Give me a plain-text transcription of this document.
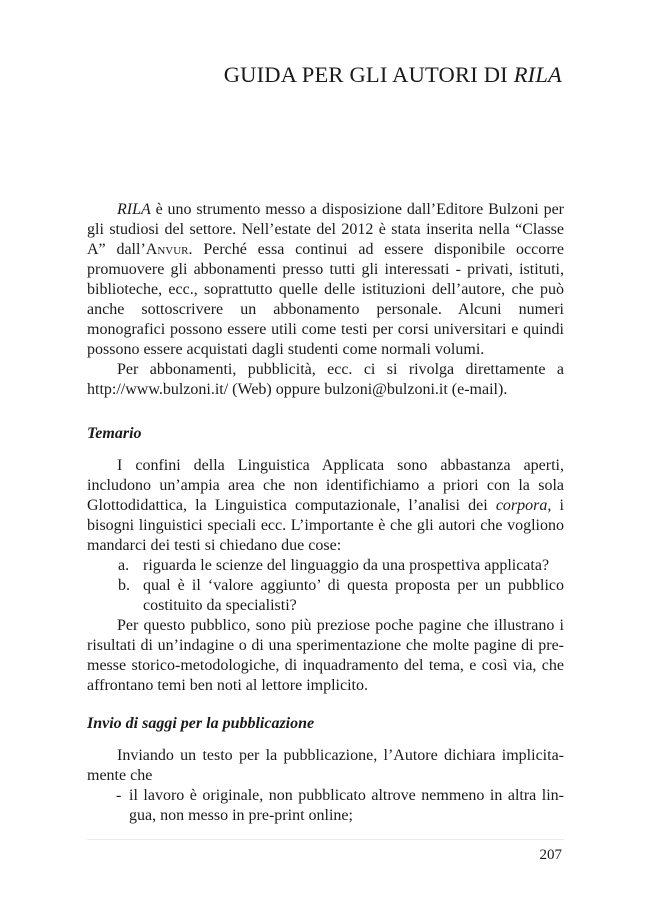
GUIDA PER GLI AUTORI DI RILA

RILA è uno strumento messo a disposizione dall’Editore Bulzoni per gli studiosi del settore. Nell’estate del 2012 è stata inserita nella “Classe A” dall’Anvur. Perché essa continui ad essere disponibile occorre promuovere gli abbonamenti presso tutti gli interessati - privati, istituti, biblioteche, ecc., soprattutto quelle delle istituzioni dell’autore, che può anche sottoscrivere un abbonamento personale. Alcuni numeri monografici possono essere utili come testi per corsi universitari e quindi possono essere acquistati dagli studenti come normali volumi.

Per abbonamenti, pubblicità, ecc. ci si rivolga direttamente a http://www.bulzoni.it/ (Web) oppure bulzoni@bulzoni.it (e-mail).

Temario

I confini della Linguistica Applicata sono abbastanza aperti, includono un’ampia area che non identifichiamo a priori con la sola Glottodidattica, la Linguistica computazionale, l’analisi dei corpora, i bisogni linguistici speciali ecc. L’importante è che gli autori che vogliono mandarci dei testi si chiedano due cose:

a. riguarda le scienze del linguaggio da una prospettiva applicata?
b. qual è il ‘valore aggiunto’ di questa proposta per un pubblico costituito da specialisti?

Per questo pubblico, sono più preziose poche pagine che illustrano i risultati di un’indagine o di una sperimentazione che molte pagine di premesse storico-metodologiche, di inquadramento del tema, e così via, che affrontano temi ben noti al lettore implicito.

Invio di saggi per la pubblicazione

Inviando un testo per la pubblicazione, l’Autore dichiara implicitamente che

- il lavoro è originale, non pubblicato altrove nemmeno in altra lingua, non messo in pre-print online;
207
